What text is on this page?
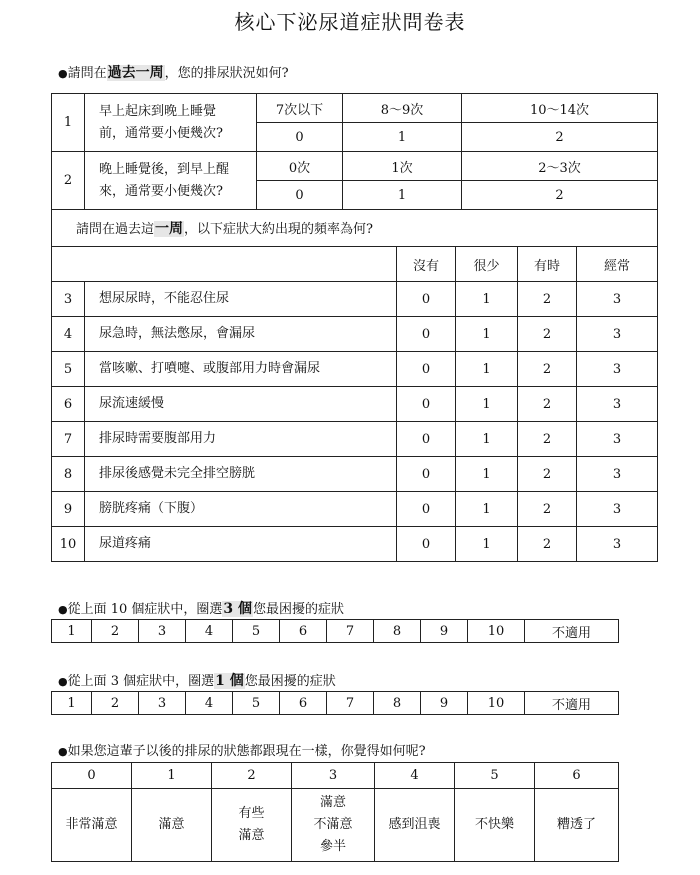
核心下泌尿道症狀問卷表
●請問在過去一周，您的排尿狀況如何?
1	早上起床到晚上睡覺
前，通常要小便幾次?	7次以下	8～9次	10～14次
		0	1	2
2	晚上睡覺後，到早上醒
來，通常要小便幾次?	0次	1次	2～3次
		0	1	2
請問在過去這一周，以下症狀大約出現的頻率為何?				
		沒有	很少	有時	經常
3	想尿尿時，不能忍住尿	0	1	2	3
4	尿急時，無法憋尿，會漏尿	0	1	2	3
5	當咳嗽、打噴嚏、或腹部用力時會漏尿	0	1	2	3
6	尿流速緩慢	0	1	2	3
7	排尿時需要腹部用力	0	1	2	3
8	排尿後感覺未完全排空膀胱	0	1	2	3
9	膀胱疼痛（下腹）	0	1	2	3
10	尿道疼痛	0	1	2	3
●從上面 10 個症狀中，圈選3 個您最困擾的症狀
1	2	3	4	5	6	7	8	9	10	不適用
●從上面 3 個症狀中，圈選1 個您最困擾的症狀
1	2	3	4	5	6	7	8	9	10	不適用
●如果您這輩子以後的排尿的狀態都跟現在一樣，你覺得如何呢?
0	1	2	3	4	5	6
非常滿意	滿意	有些
滿意	滿意
不滿意
參半	感到沮喪	不快樂	糟透了
